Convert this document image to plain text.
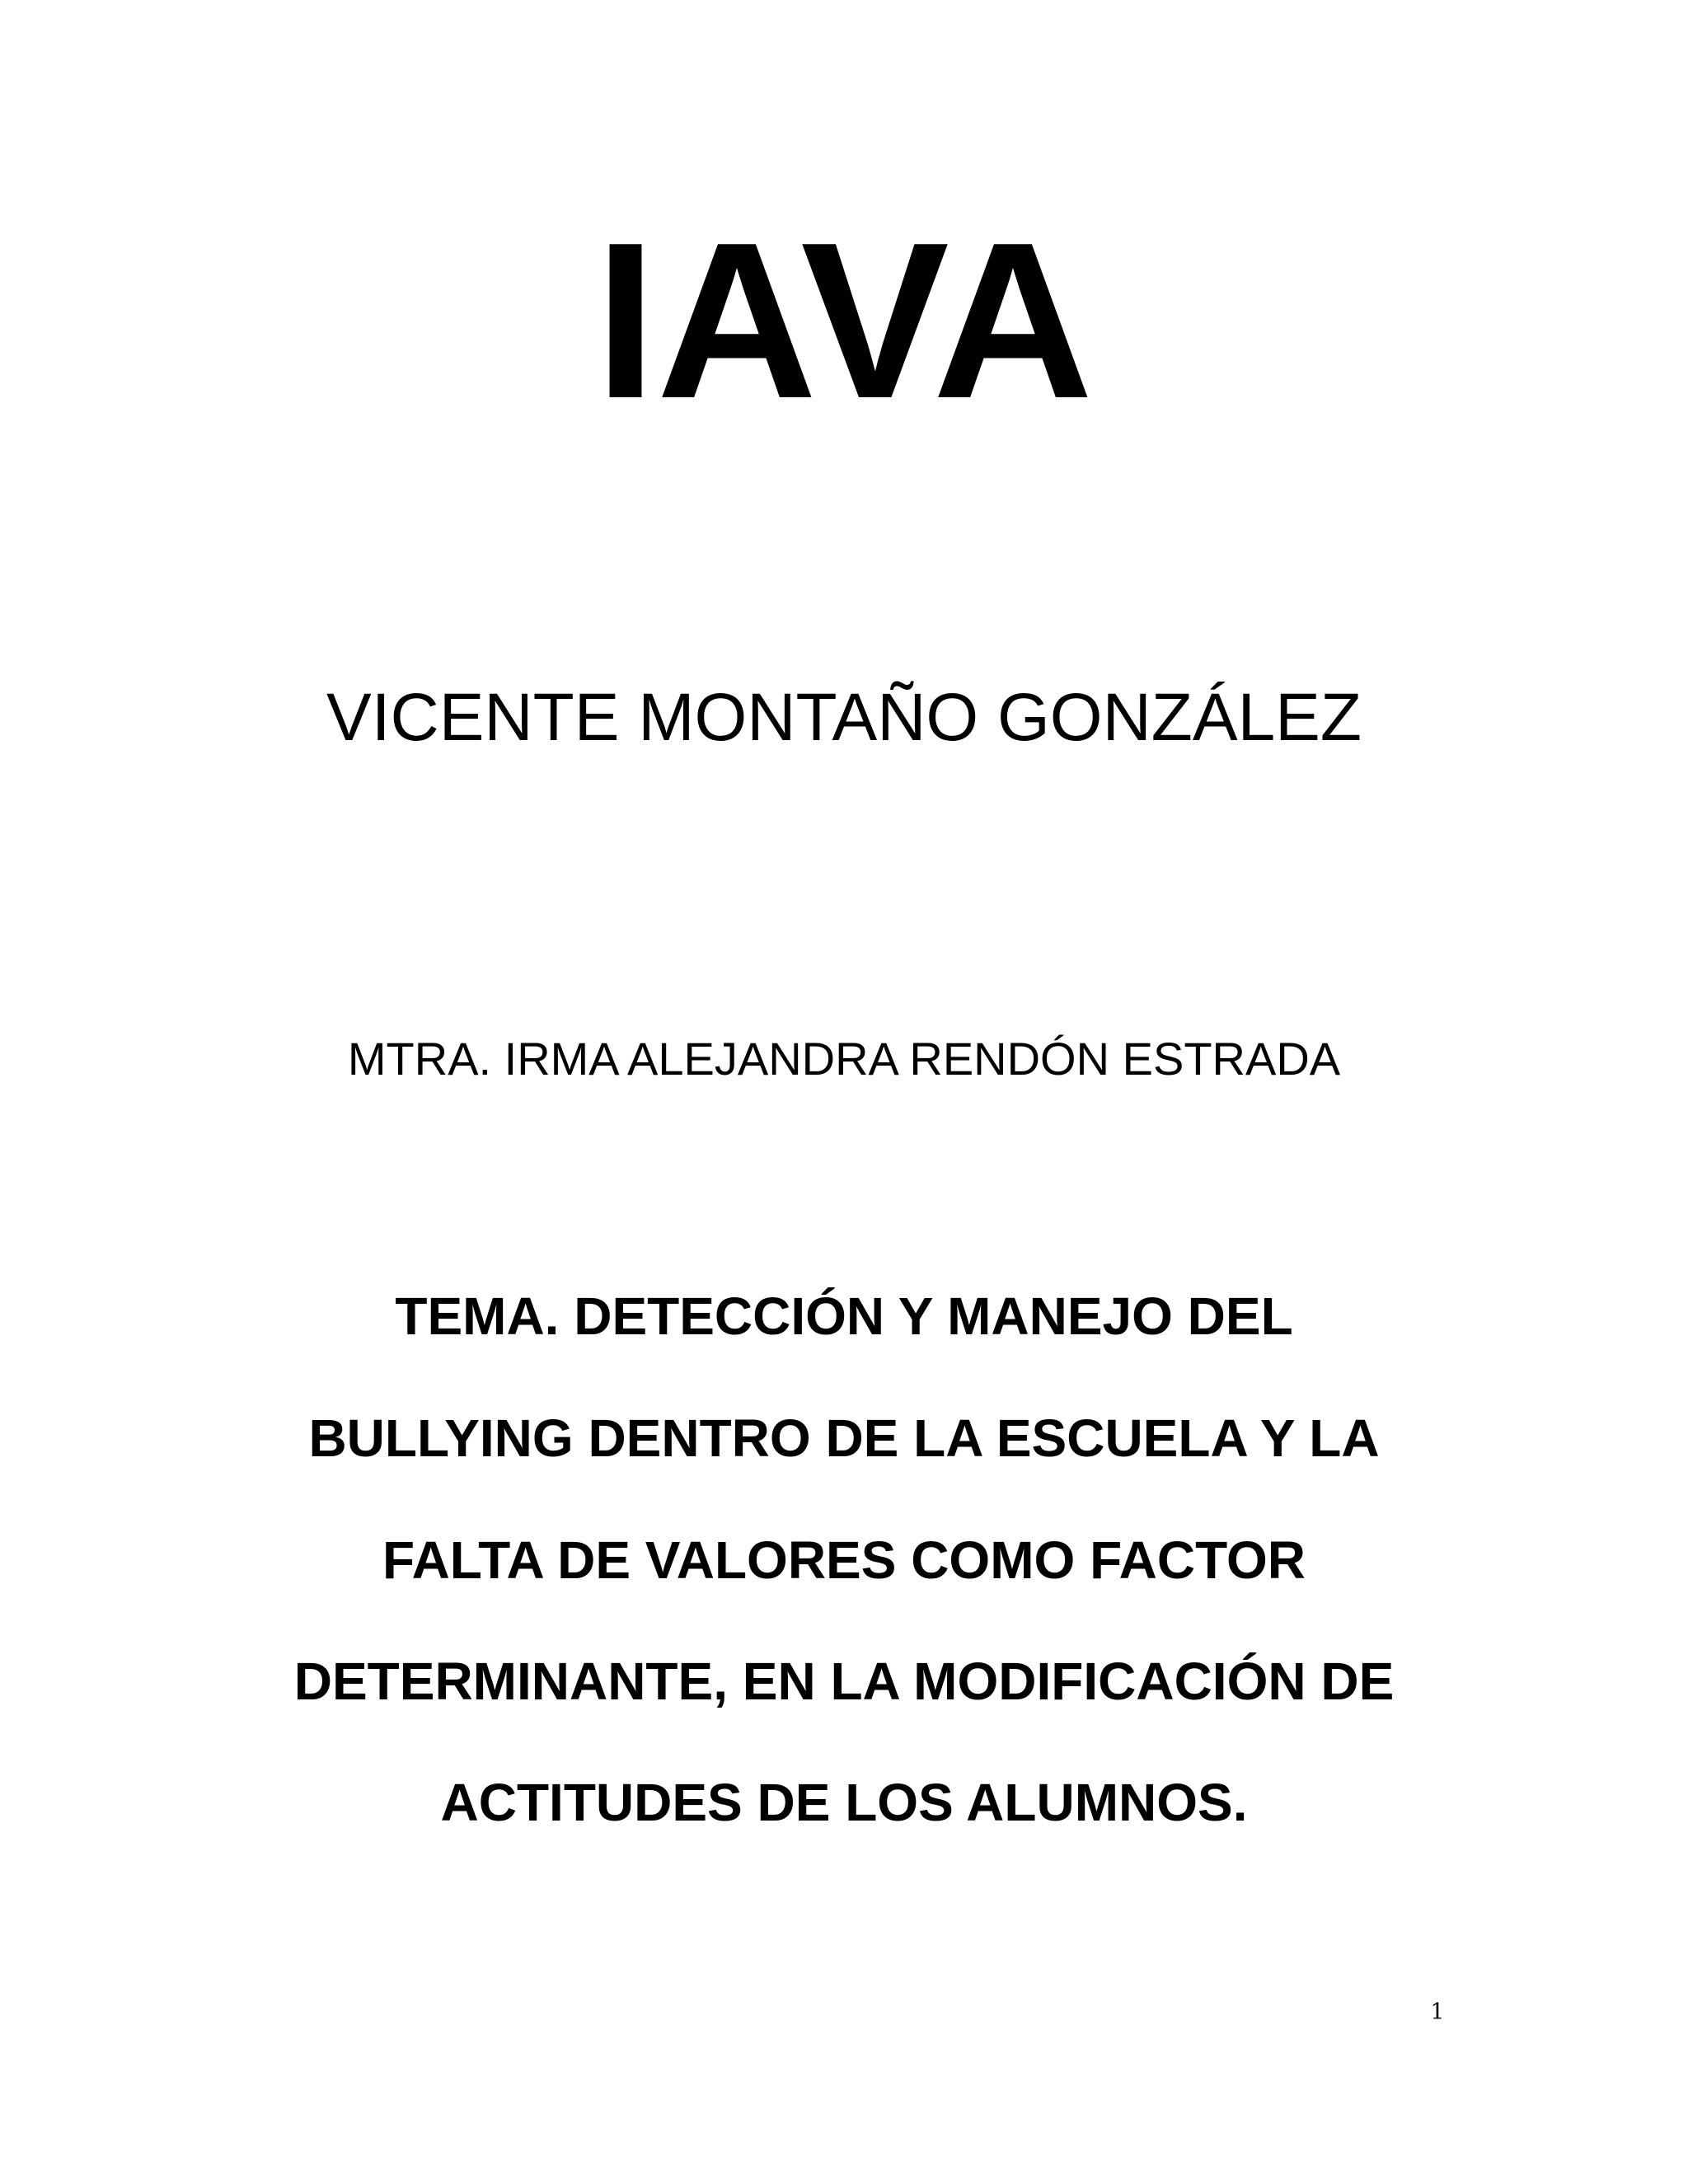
IAVA

VICENTE MONTAÑO GONZÁLEZ

MTRA. IRMA ALEJANDRA RENDÓN ESTRADA

TEMA. DETECCIÓN Y MANEJO DEL

BULLYING DENTRO DE LA ESCUELA Y LA

FALTA DE VALORES COMO FACTOR

DETERMINANTE, EN LA MODIFICACIÓN DE

ACTITUDES DE LOS ALUMNOS.

1
